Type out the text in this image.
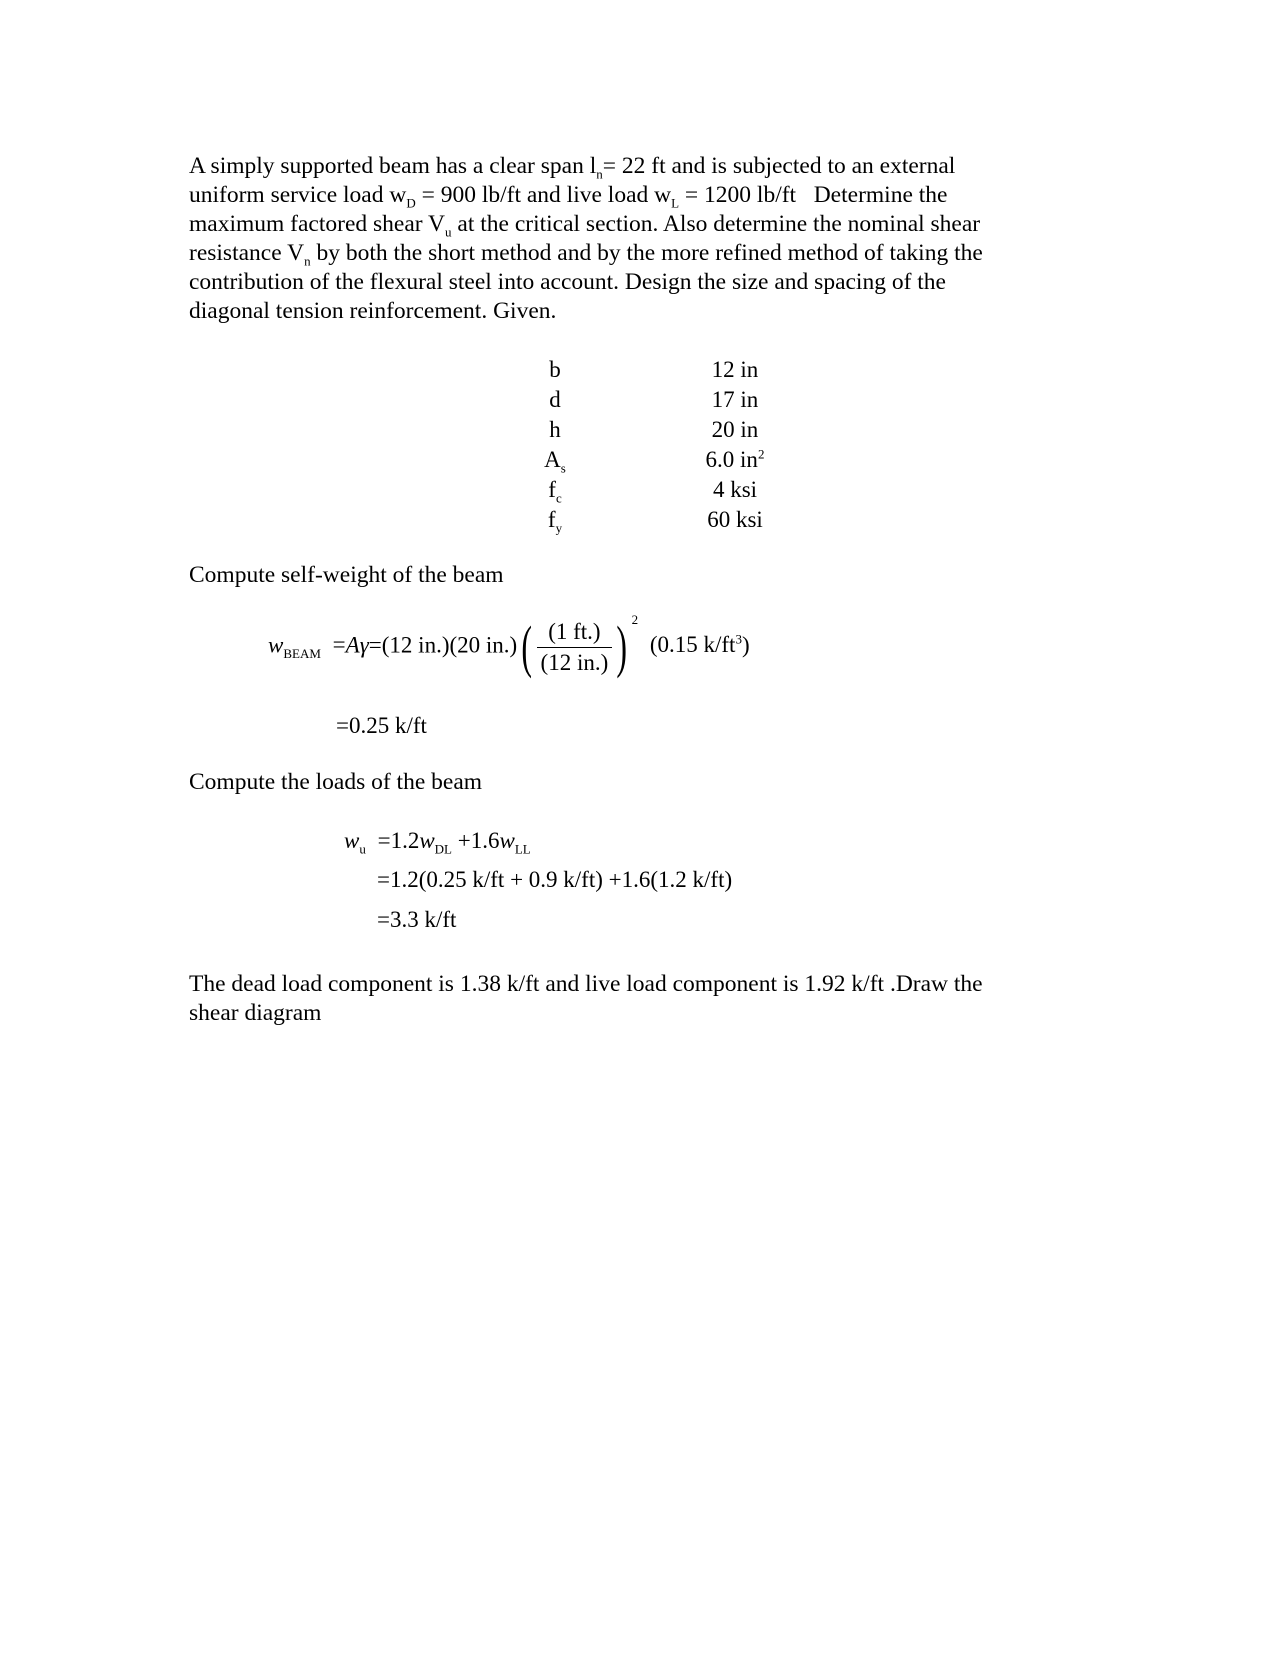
A simply supported beam has a clear span $l_n= 22$ ft and is subjected to an external
uniform service load $w_D = 900$ lb/ft and live load $w_L = 1200$ lb/ft   Determine the
maximum factored shear $V_u$ at the critical section. Also determine the nominal shear
resistance $V_n$ by both the short method and by the more refined method of taking the
contribution of the flexural steel into account. Design the size and spacing of the
diagonal tension reinforcement. Given.
b	12 in
d	17 in
h	20 in
$A_s$	6.0 $in^2$
$f_c$	4 ksi
$f_y$	60 ksi
Compute self-weight of the beam
$w_{BEAM} =A\gamma=(12$ in.)(20 $in.)( \frac{(1 ft.)}{(12 in.)}$ ) $^2$ (0.15 $k/ft^3$)
=0.25 k/ft
Compute the loads of the beam
$w_u =1.2w_{DL} +1.6w_{LL}$
=1.2(0.25 k/ft + 0.9 k/ft) +1.6(1.2 k/ft)
=3.3 k/ft
The dead load component is 1.38 k/ft and live load component is 1.92 k/ft .Draw the
shear diagram
